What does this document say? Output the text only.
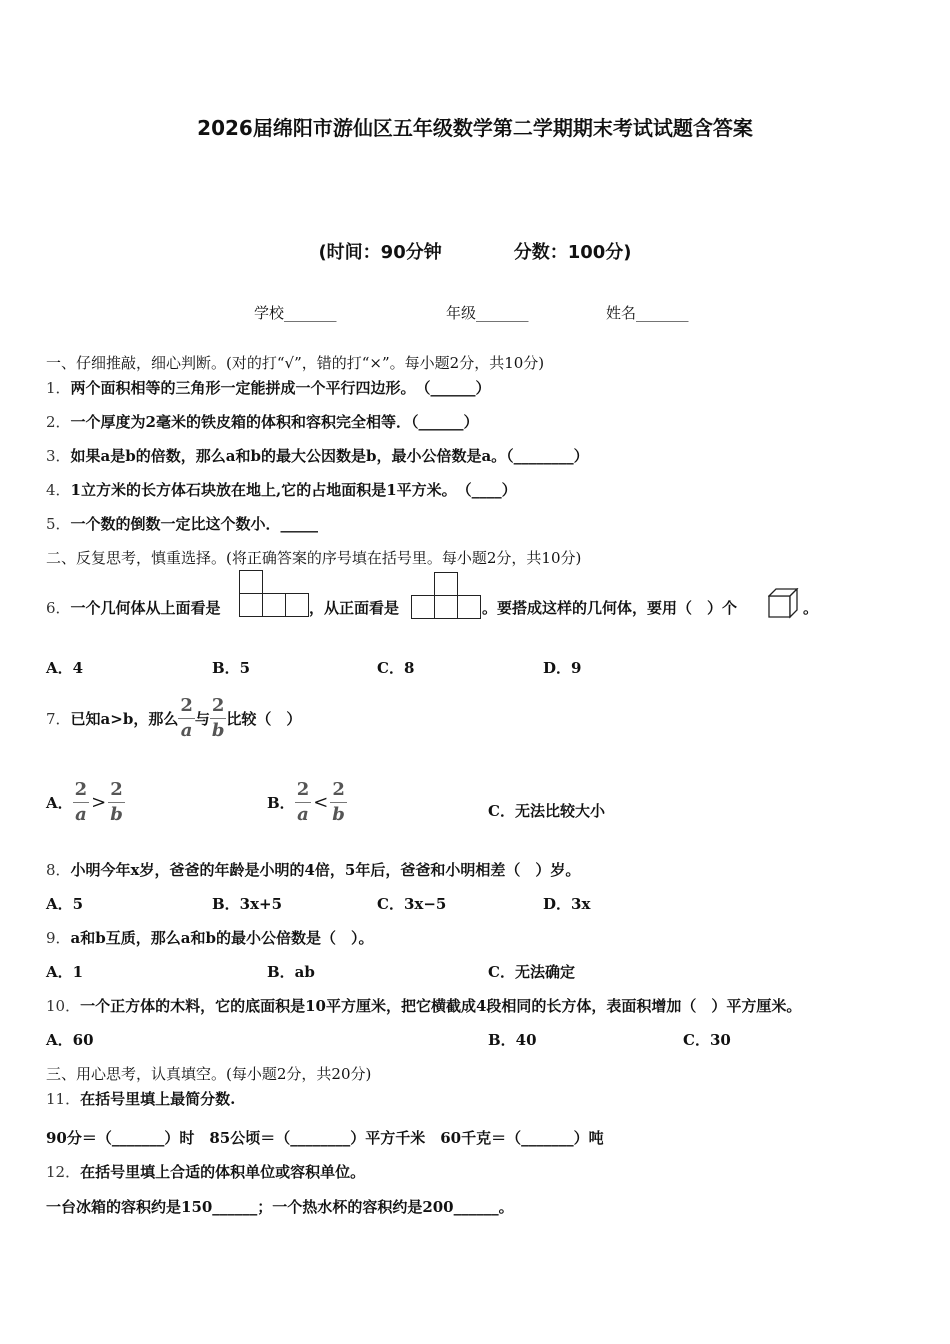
2026届绵阳市游仙区五年级数学第二学期期末考试试题含答案
(时间：90分钟	分数：100分)
学校_______	年级_______	姓名_______
一、仔细推敲，细心判断。(对的打“√”，错的打“×”。每小题2分，共10分)
1．两个面积相等的三角形一定能拼成一个平行四边形。　（______）
2．一个厚度为2毫米的铁皮箱的体积和容积完全相等．（______）
3．如果a是b的倍数，那么a和b的最大公因数是b，最小公倍数是a。（________）
4．1立方米的长方体石块放在地上,它的占地面积是1平方米。　（____）
5．一个数的倒数一定比这个数小．_____
二、反复思考，慎重选择。(将正确答案的序号填在括号里。每小题2分，共10分)
6．一个几何体从上面看是	，从正面看是	。要搭成这样的几何体，要用（　）个	。
A．4	B．5	C．8	D．9
7． 已知a>b，那么 $\frac{2}{a}$ 与 $\frac{2}{b}$ 比较（　）
A． $\frac{2}{a} > \frac{2}{b}$	B． $\frac{2}{a} < \frac{2}{b}$	C．无法比较大小
8．小明今年x岁，爸爸的年龄是小明的4倍，5年后，爸爸和小明相差（　）岁。
A．5	B．3x+5	C．3x−5	D．3x
9．a和b互质，那么a和b的最小公倍数是（　）。
A．1	B．ab	C．无法确定
10．一个正方体的木料，它的底面积是10平方厘米，把它横截成4段相同的长方体，表面积增加（　）平方厘米。
A．60	B．40	C．30
三、用心思考，认真填空。(每小题2分，共20分)
11．在括号里填上最简分数.
90分＝（_______）时　85公顷＝（________）平方千米　60千克＝（_______）吨
12．在括号里填上合适的体积单位或容积单位。
一台冰箱的容积约是150______；一个热水杯的容积约是200______。
